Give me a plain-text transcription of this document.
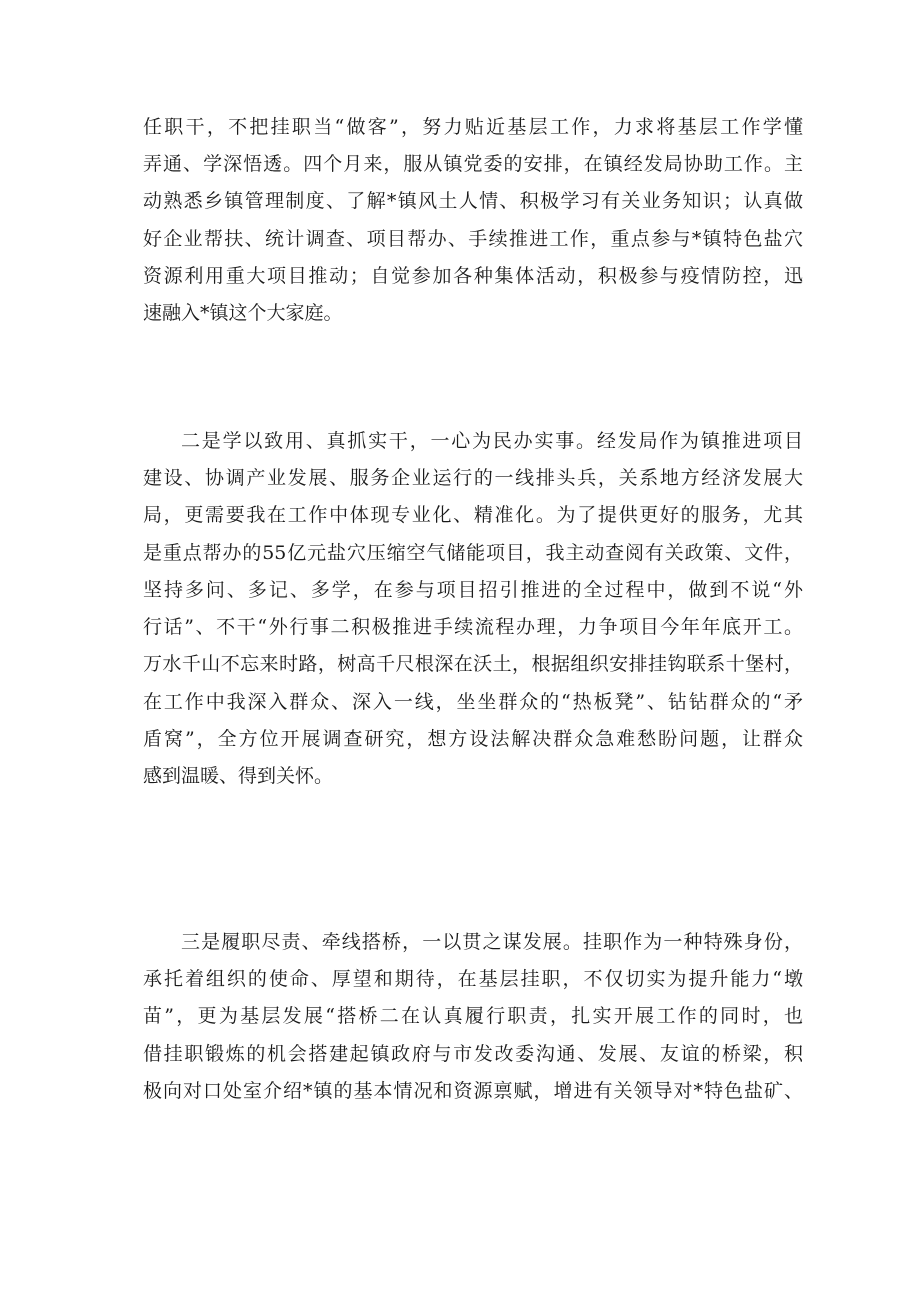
任职干，不把挂职当“做客”，努力贴近基层工作，力求将基层工作学懂
弄通、学深悟透。四个月来，服从镇党委的安排，在镇经发局协助工作。主
动熟悉乡镇管理制度、了解*镇风土人情、积极学习有关业务知识；认真做
好企业帮扶、统计调查、项目帮办、手续推进工作，重点参与*镇特色盐穴
资源利用重大项目推动；自觉参加各种集体活动，积极参与疫情防控，迅
速融入*镇这个大家庭。
二是学以致用、真抓实干，一心为民办实事。经发局作为镇推进项目
建设、协调产业发展、服务企业运行的一线排头兵，关系地方经济发展大
局，更需要我在工作中体现专业化、精准化。为了提供更好的服务，尤其
是重点帮办的55亿元盐穴压缩空气储能项目，我主动查阅有关政策、文件，
坚持多问、多记、多学，在参与项目招引推进的全过程中，做到不说“外
行话”、不干“外行事二积极推进手续流程办理，力争项目今年年底开工。
万水千山不忘来时路，树高千尺根深在沃土，根据组织安排挂钩联系十堡村，
在工作中我深入群众、深入一线，坐坐群众的“热板凳”、钻钻群众的“矛
盾窝”，全方位开展调查研究，想方设法解决群众急难愁盼问题，让群众
感到温暖、得到关怀。
三是履职尽责、牵线搭桥，一以贯之谋发展。挂职作为一种特殊身份，
承托着组织的使命、厚望和期待，在基层挂职，不仅切实为提升能力“墩
苗”，更为基层发展“搭桥二在认真履行职责，扎实开展工作的同时，也
借挂职锻炼的机会搭建起镇政府与市发改委沟通、发展、友谊的桥梁，积
极向对口处室介绍*镇的基本情况和资源禀赋，增进有关领导对*特色盐矿、
